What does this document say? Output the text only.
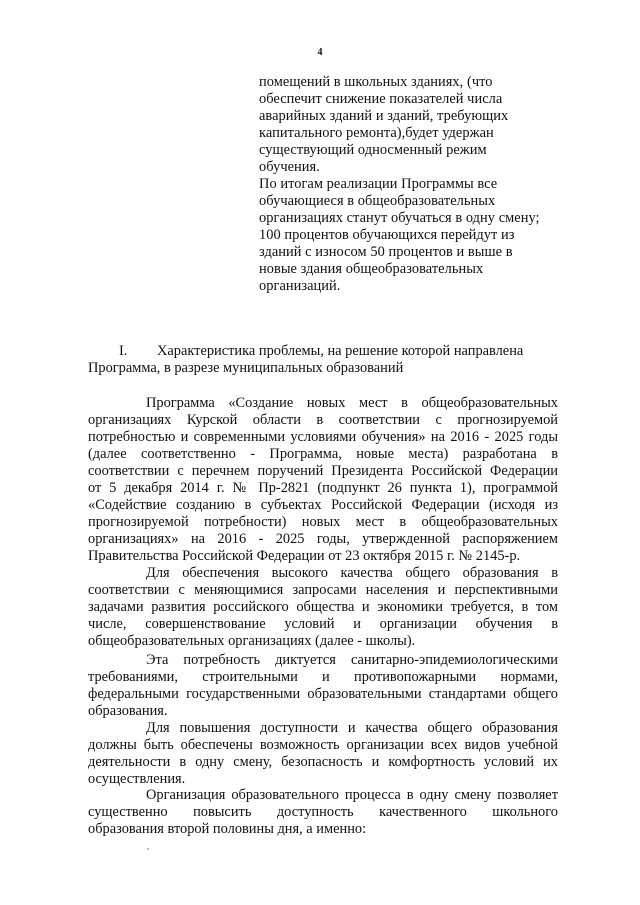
4
помещений в школьных зданиях, (что
обеспечит снижение показателей числа
аварийных зданий и зданий, требующих
капитального ремонта),будет удержан
существующий односменный режим
обучения.
По итогам реализации Программы все
обучающиеся в общеобразовательных
организациях станут обучаться в одну смену;
100 процентов обучающихся перейдут из
зданий с износом 50 процентов и выше в
новые здания общеобразовательных
организаций.
I. Характеристика проблемы, на решение которой направлена
Программа, в разрезе муниципальных образований
Программа «Создание новых мест в общеобразовательных
организациях Курской области в соответствии с прогнозируемой
потребностью и современными условиями обучения» на 2016 - 2025 годы
(далее соответственно - Программа, новые места) разработана в
соответствии с перечнем поручений Президента Российской Федерации
от 5 декабря 2014 г. № Пр-2821 (подпункт 26 пункта 1), программой
«Содействие созданию в субъектах Российской Федерации (исходя из
прогнозируемой потребности) новых мест в общеобразовательных
организациях» на 2016 - 2025 годы, утвержденной распоряжением
Правительства Российской Федерации от 23 октября 2015 г. № 2145-р.
Для обеспечения высокого качества общего образования в
соответствии с меняющимися запросами населения и перспективными
задачами развития российского общества и экономики требуется, в том
числе, совершенствование условий и организации обучения в
общеобразовательных организациях (далее - школы).
Эта потребность диктуется санитарно-эпидемиологическими
требованиями, строительными и противопожарными нормами,
федеральными государственными образовательными стандартами общего
образования.
Для повышения доступности и качества общего образования
должны быть обеспечены возможность организации всех видов учебной
деятельности в одну смену, безопасность и комфортность условий их
осуществления.
Организация образовательного процесса в одну смену позволяет
существенно повысить доступность качественного школьного
образования второй половины дня, а именно:
